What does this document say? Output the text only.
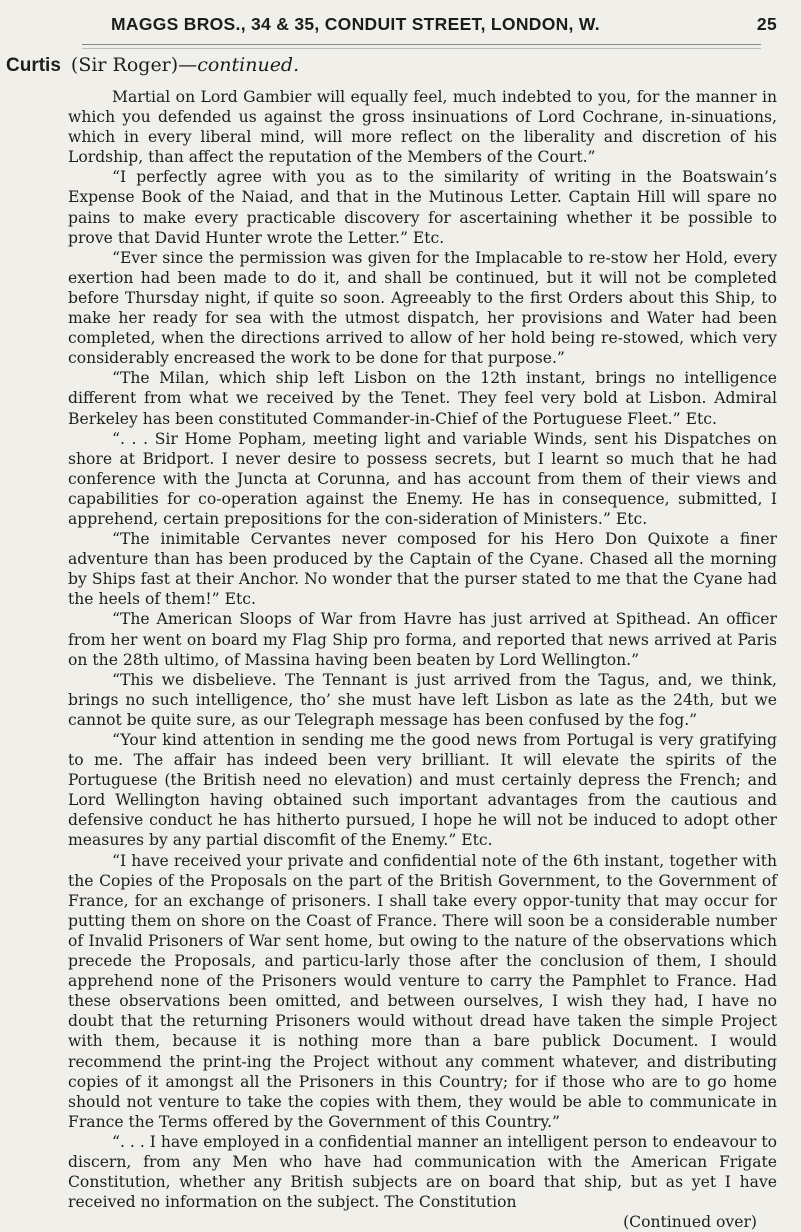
MAGGS BROS., 34 & 35, CONDUIT STREET, LONDON, W.	25
Curtis (Sir Roger)—continued.

Martial on Lord Gambier will equally feel, much indebted to you, for the manner in which you defended us against the gross insinuations of Lord Cochrane, in-sinuations, which in every liberal mind, will more reflect on the liberality and discretion of his Lordship, than affect the reputation of the Members of the Court.”

“I perfectly agree with you as to the similarity of writing in the Boatswain’s Expense Book of the Naiad, and that in the Mutinous Letter. Captain Hill will spare no pains to make every practicable discovery for ascertaining whether it be possible to prove that David Hunter wrote the Letter.” Etc.

“Ever since the permission was given for the Implacable to re-stow her Hold, every exertion had been made to do it, and shall be continued, but it will not be completed before Thursday night, if quite so soon. Agreeably to the first Orders about this Ship, to make her ready for sea with the utmost dispatch, her provisions and Water had been completed, when the directions arrived to allow of her hold being re-stowed, which very considerably encreased the work to be done for that purpose.”

“The Milan, which ship left Lisbon on the 12th instant, brings no intelligence different from what we received by the Tenet. They feel very bold at Lisbon. Admiral Berkeley has been constituted Commander-in-Chief of the Portuguese Fleet.” Etc.

“. . . Sir Home Popham, meeting light and variable Winds, sent his Dispatches on shore at Bridport. I never desire to possess secrets, but I learnt so much that he had conference with the Juncta at Corunna, and has account from them of their views and capabilities for co-operation against the Enemy. He has in consequence, submitted, I apprehend, certain prepositions for the con-sideration of Ministers.” Etc.

“The inimitable Cervantes never composed for his Hero Don Quixote a finer adventure than has been produced by the Captain of the Cyane. Chased all the morning by Ships fast at their Anchor. No wonder that the purser stated to me that the Cyane had the heels of them!” Etc.

“The American Sloops of War from Havre has just arrived at Spithead. An officer from her went on board my Flag Ship pro forma, and reported that news arrived at Paris on the 28th ultimo, of Massina having been beaten by Lord Wellington.”

“This we disbelieve. The Tennant is just arrived from the Tagus, and, we think, brings no such intelligence, tho’ she must have left Lisbon as late as the 24th, but we cannot be quite sure, as our Telegraph message has been confused by the fog.”

“Your kind attention in sending me the good news from Portugal is very gratifying to me. The affair has indeed been very brilliant. It will elevate the spirits of the Portuguese (the British need no elevation) and must certainly depress the French; and Lord Wellington having obtained such important advantages from the cautious and defensive conduct he has hitherto pursued, I hope he will not be induced to adopt other measures by any partial discomfit of the Enemy.” Etc.

“I have received your private and confidential note of the 6th instant, together with the Copies of the Proposals on the part of the British Government, to the Government of France, for an exchange of prisoners. I shall take every oppor-tunity that may occur for putting them on shore on the Coast of France. There will soon be a considerable number of Invalid Prisoners of War sent home, but owing to the nature of the observations which precede the Proposals, and particu-larly those after the conclusion of them, I should apprehend none of the Prisoners would venture to carry the Pamphlet to France. Had these observations been omitted, and between ourselves, I wish they had, I have no doubt that the returning Prisoners would without dread have taken the simple Project with them, because it is nothing more than a bare publick Document. I would recommend the print-ing the Project without any comment whatever, and distributing copies of it amongst all the Prisoners in this Country; for if those who are to go home should not venture to take the copies with them, they would be able to communicate in France the Terms offered by the Government of this Country.”

“. . . I have employed in a confidential manner an intelligent person to endeavour to discern, from any Men who have had communication with the American Frigate Constitution, whether any British subjects are on board that ship, but as yet I have received no information on the subject. The Constitution

(Continued over)
